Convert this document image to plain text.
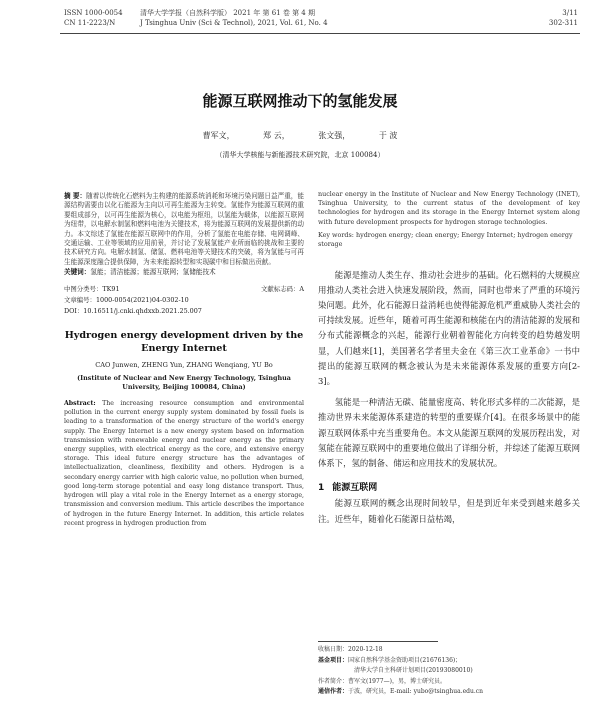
ISSN 1000-0054
CN 11-2223/N
清华大学学报（自然科学版） 2021 年 第 61 卷 第 4 期
J Tsinghua Univ (Sci & Technol), 2021, Vol. 61, No. 4
3/11
302-311
能源互联网推动下的氢能发展
曹军文，	郑 云，	张文强，	于 波
（清华大学核能与新能源技术研究院，北京 100084）
摘 要：随着以传统化石燃料为主构建的能源系统消耗和环境污染问题日益严重，能源结构需要由以化石能源为主向以可再生能源为主转变。氢能作为能源互联网的重要组成部分，以可再生能源为核心，以电能为枢纽，以氢能为载体，以能源互联网为纽带，以电解水制氢和燃料电池为关键技术，将为能源互联网的发展提供新的动力。本文综述了氢能在能源互联网中的作用，分析了氢能在电能存储、电网调峰、交通运输、工业等领域的应用前景，并讨论了发展氢能产业所面临的挑战和主要的技术研究方向。电解水制氢、储氢、燃料电池等关键技术的突破，将为氢能与可再生能源深度融合提供保障，为未来能源转型和实现碳中和目标做出贡献。
关键词：氢能；清洁能源；能源互联网；氢储能技术
中图分类号：TK91	文献标志码：A
文章编号：1000-0054(2021)04-0302-10
DOI：10.16511/j.cnki.qhdxxb.2021.25.007
Hydrogen energy development driven by the Energy Internet
CAO Junwen, ZHENG Yun, ZHANG Wenqiang, YU Bo
(Institute of Nuclear and New Energy Technology, Tsinghua University, Beijing 100084, China)
Abstract: The increasing resource consumption and environmental pollution in the current energy supply system dominated by fossil fuels is leading to a transformation of the energy structure of the world's energy supply. The Energy Internet is a new energy system based on information transmission with renewable energy and nuclear energy as the primary energy supplies, with electrical energy as the core, and extensive energy storage. This ideal future energy structure has the advantages of intellectualization, cleanliness, flexibility and others. Hydrogen is a secondary energy carrier with high caloric value, no pollution when burned, good long-term storage potential and easy long distance transport. Thus, hydrogen will play a vital role in the Energy Internet as a energy storage, transmission and conversion medium. This article describes the importance of hydrogen in the future Energy Internet. In addition, this article relates recent progress in hydrogen production from
nuclear energy in the Institute of Nuclear and New Energy Technology (INET), Tsinghua University, to the current status of the development of key technologies for hydrogen and its storage in the Energy Internet system along with future development prospects for hydrogen storage technologies.
Key words: hydrogen energy; clean energy; Energy Internet; hydrogen energy storage

能源是推动人类生存、推动社会进步的基础。化石燃料的大规模应用推动人类社会进入快速发展阶段，然而，同时也带来了严重的环境污染问题。此外，化石能源日益消耗也使得能源危机严重威胁人类社会的可持续发展。近些年，随着可再生能源和核能在内的清洁能源的发展和分布式能源概念的兴起，能源行业朝着智能化方向转变的趋势越发明显，人们越来[1]，美国著名学者里夫金在《第三次工业革命》一书中提出的能源互联网的概念被认为是未来能源体系发展的重要方向[2-3]。

氢能是一种清洁无碳、能量密度高、转化形式多样的二次能源，是推动世界未来能源体系建造的转型的重要媒介[4]。在很多场景中的能源互联网体系中充当重要角色。本文从能源互联网的发展历程出发，对氢能在能源互联网中的重要地位做出了详细分析，并综述了能源互联网体系下，氢的制备、储运和应用技术的发展状况。

1 能源互联网

能源互联网的概念出现时间较早，但是到近年来受到越来越多关注。近些年，随着化石能源日益枯竭，

收稿日期：2020-12-18
基金项目：国家自然科学基金资助项目(21676136)；
清华大学自主科研计划项目(20193080010)
作者简介：曹军文(1977—)，男，博士研究员。
通信作者：于波，研究员，E-mail: yubo@tsinghua.edu.cn
